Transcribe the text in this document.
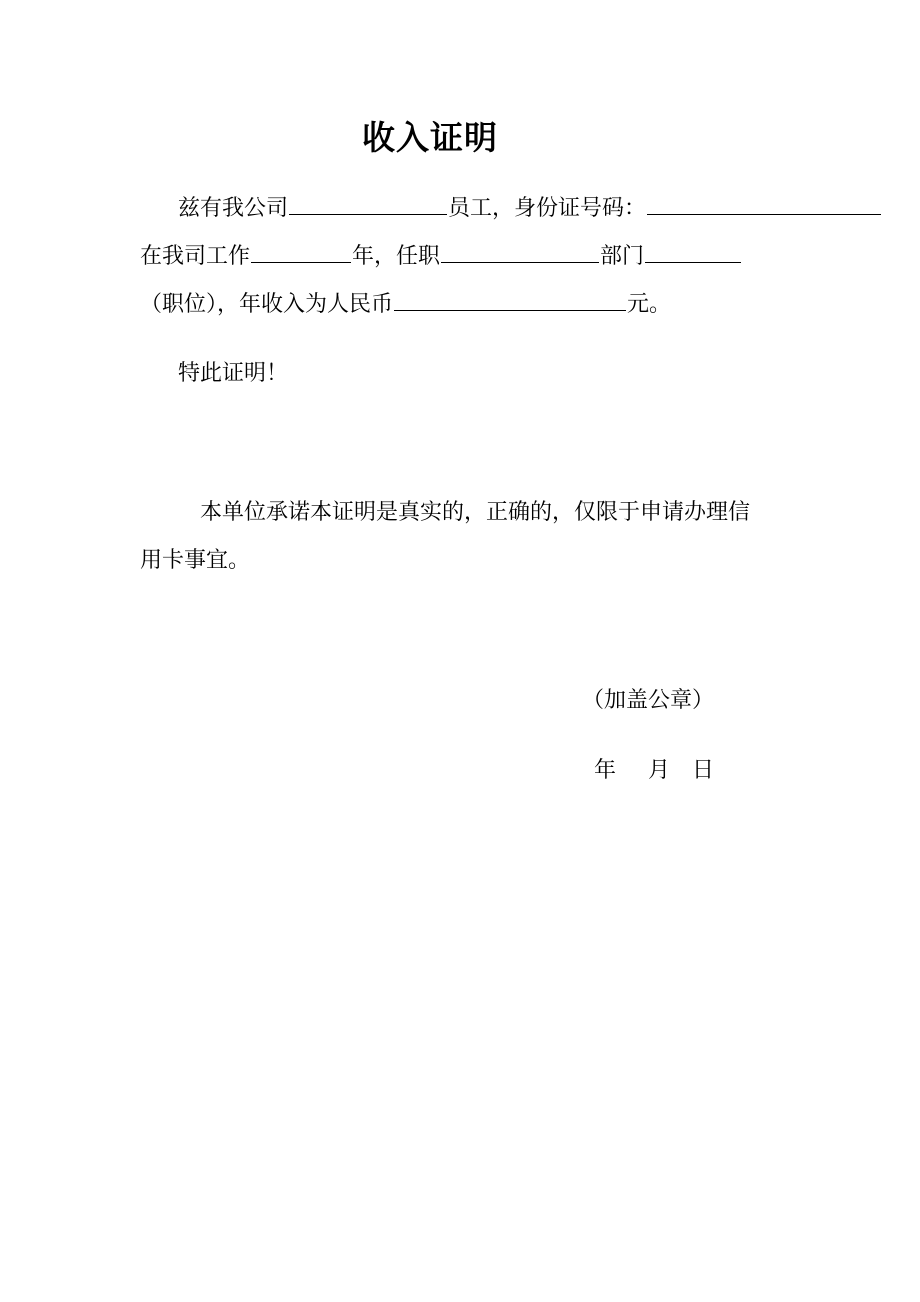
收入证明
兹有我公司	员工，身份证号码：
在我司工作	年，任职	部门
（职位），年收入为人民币	元。
特此证明！
本单位承诺本证明是真实的，正确的，仅限于申请办理信
用卡事宜。
（加盖公章）
年 月 日
